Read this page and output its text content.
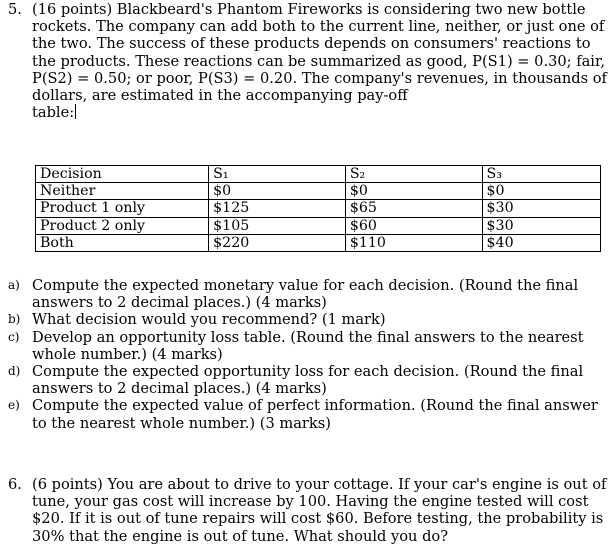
5. (16 points) Blackbeard's Phantom Fireworks is considering two new bottle rockets. The company can add both to the current line, neither, or just one of the two. The success of these products depends on consumers' reactions to the products. These reactions can be summarized as good, P(S1) = 0.30; fair, P(S2) = 0.50; or poor, P(S3) = 0.20. The company's revenues, in thousands of dollars, are estimated in the accompanying pay-off
table:
Decision	S₁	S₂	S₃
Neither	$0	$0	$0
Product 1 only	$125	$65	$30
Product 2 only	$105	$60	$30
Both	$220	$110	$40
a) Compute the expected monetary value for each decision. (Round the final answers to 2 decimal places.) (4 marks)
b) What decision would you recommend? (1 mark)
c) Develop an opportunity loss table. (Round the final answers to the nearest whole number.) (4 marks)
d) Compute the expected opportunity loss for each decision. (Round the final answers to 2 decimal places.) (4 marks)
e) Compute the expected value of perfect information. (Round the final answer to the nearest whole number.) (3 marks)
6. (6 points) You are about to drive to your cottage. If your car's engine is out of tune, your gas cost will increase by 100. Having the engine tested will cost $20. If it is out of tune repairs will cost $60. Before testing, the probability is 30% that the engine is out of tune. What should you do?
